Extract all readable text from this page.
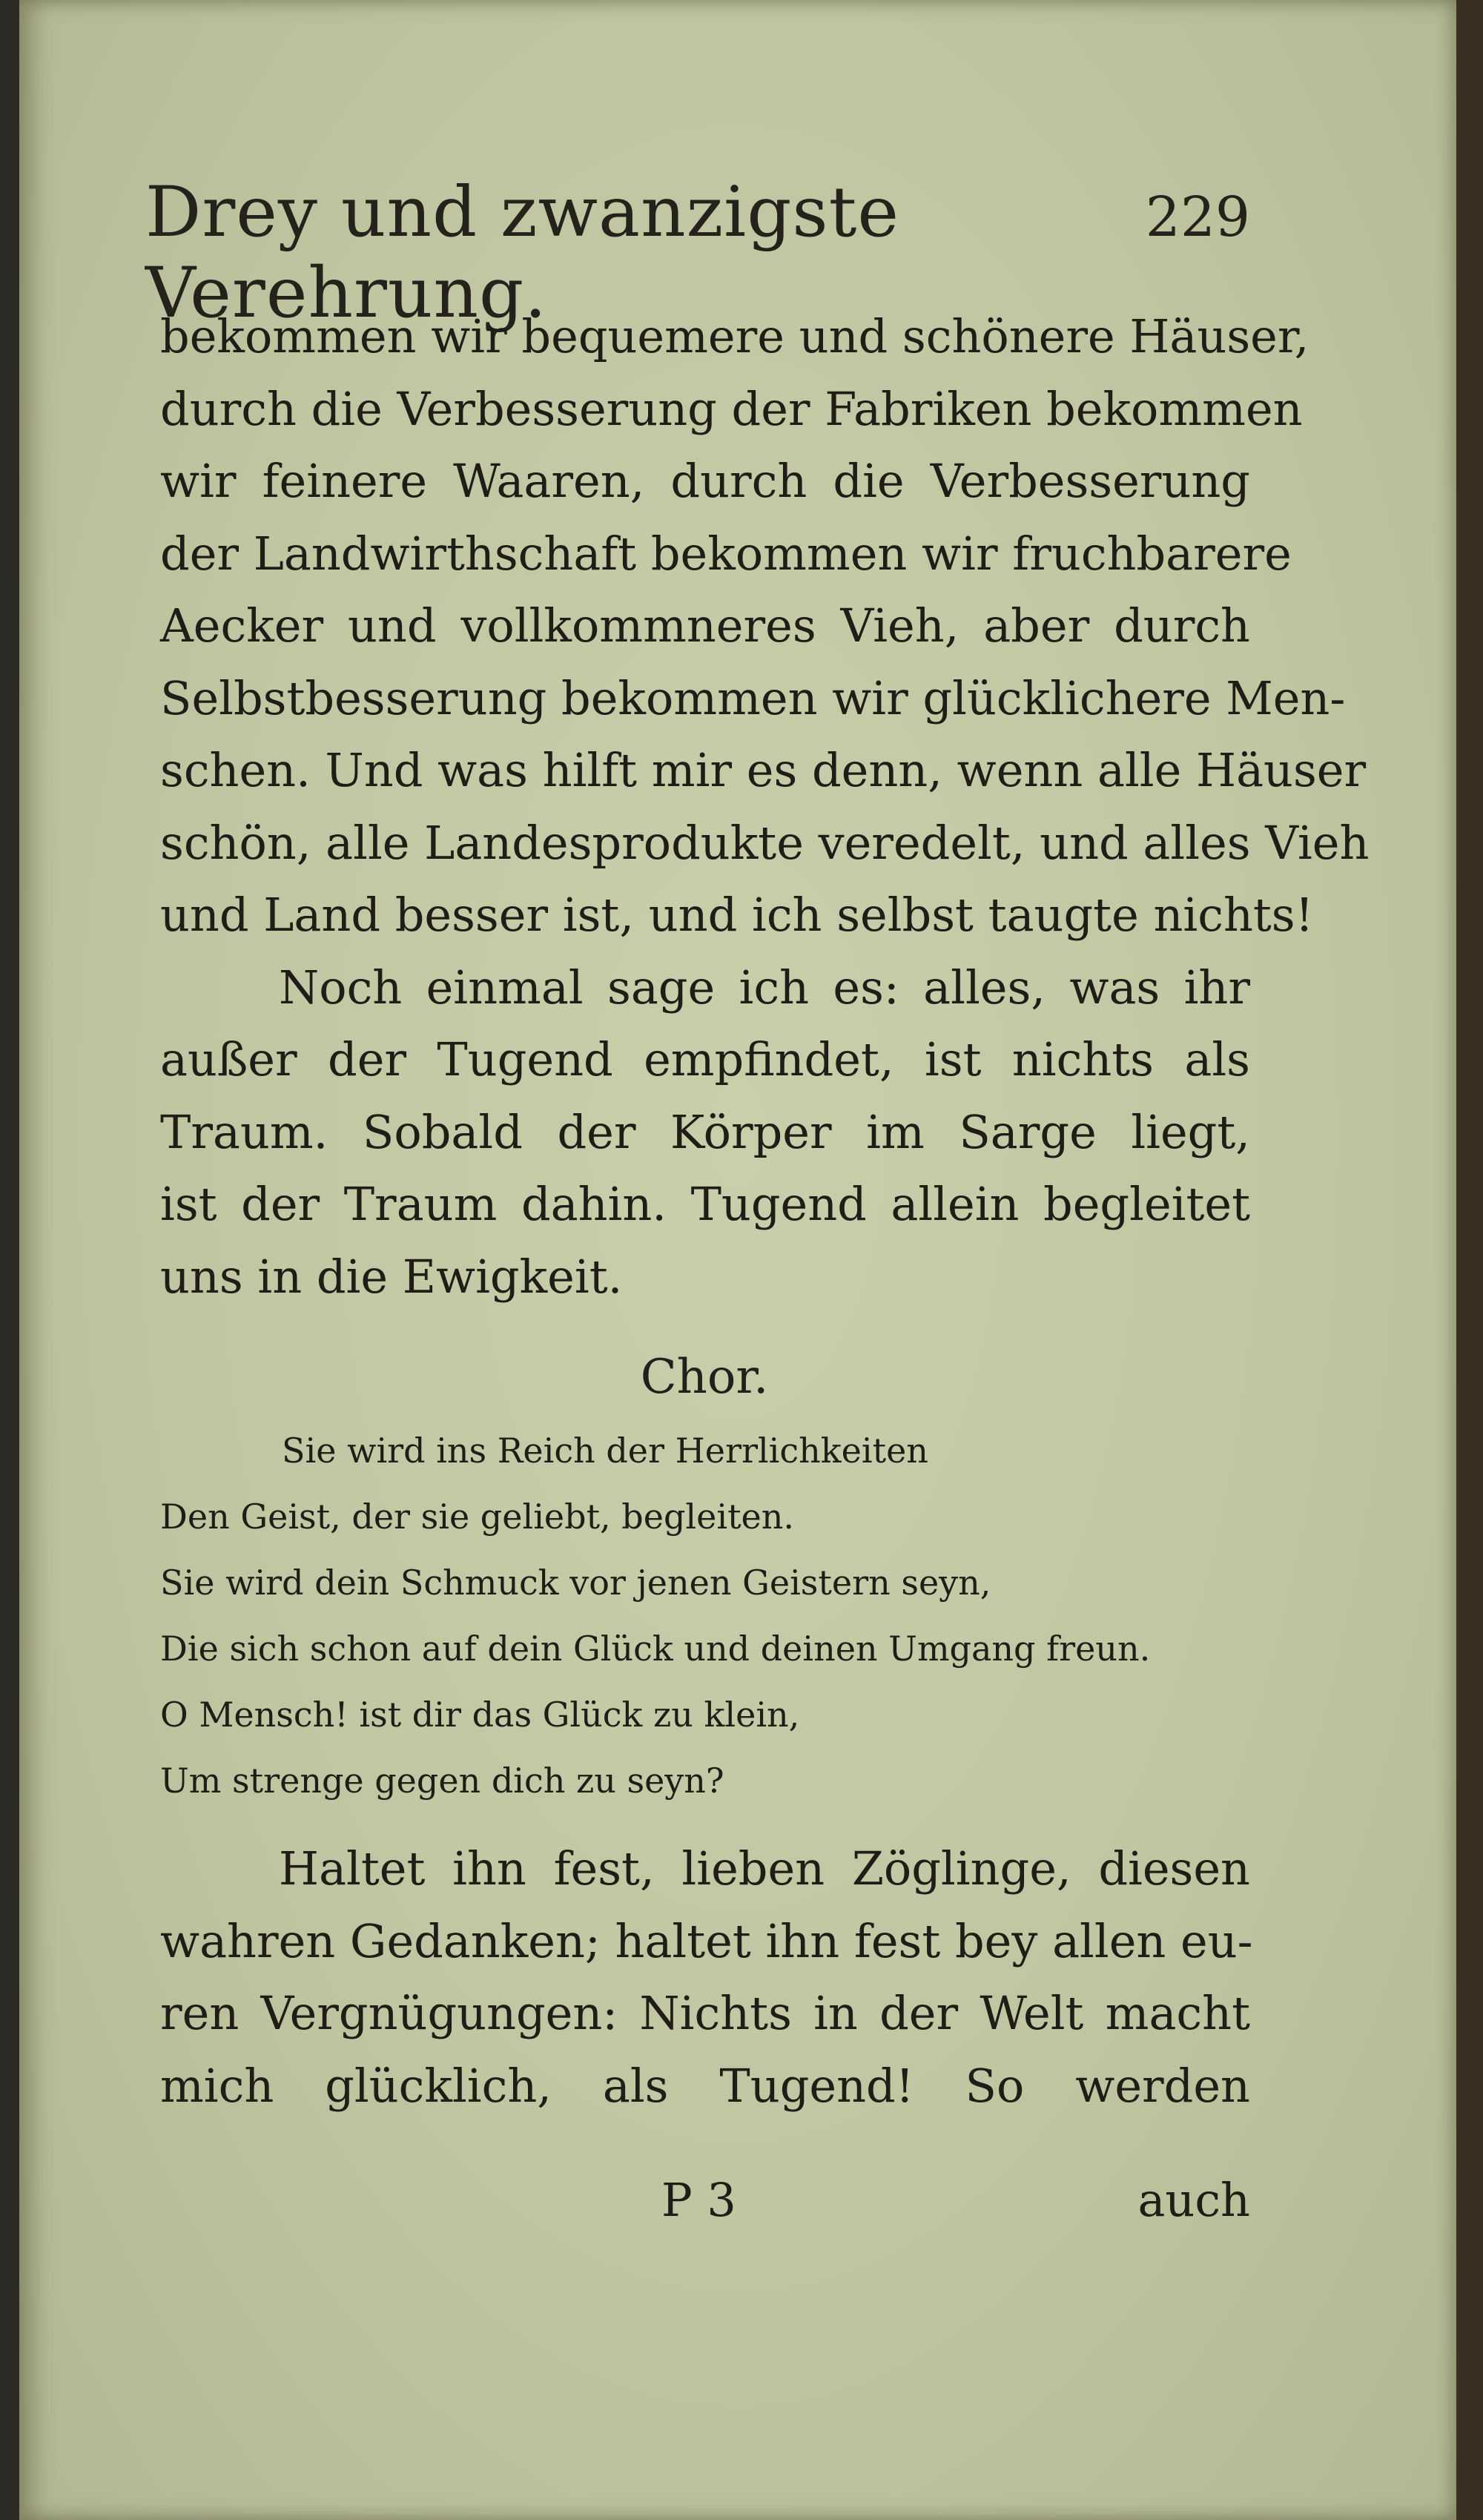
Drey und zwanzigste Verehrung.
229
bekommen wir bequemere und schönere Häuser,
durch die Verbesserung der Fabriken bekommen
wir feinere Waaren, durch die Verbesserung
der Landwirthschaft bekommen wir fruchbarere
Aecker und vollkommneres Vieh, aber durch
Selbstbesserung bekommen wir glücklichere Men-
schen. Und was hilft mir es denn, wenn alle Häuser
schön, alle Landesprodukte veredelt, und alles Vieh
und Land besser ist, und ich selbst taugte nichts!
Noch einmal sage ich es: alles, was ihr
außer der Tugend empfindet, ist nichts als
Traum. Sobald der Körper im Sarge liegt,
ist der Traum dahin. Tugend allein begleitet
uns in die Ewigkeit.
Chor.
Sie wird ins Reich der Herrlichkeiten
Den Geist, der sie geliebt, begleiten.
Sie wird dein Schmuck vor jenen Geistern seyn,
Die sich schon auf dein Glück und deinen Umgang freun.
O Mensch! ist dir das Glück zu klein,
Um strenge gegen dich zu seyn?
Haltet ihn fest, lieben Zöglinge, diesen
wahren Gedanken; haltet ihn fest bey allen eu-
ren Vergnügungen: Nichts in der Welt macht
mich glücklich, als Tugend! So werden
P 3	auch
